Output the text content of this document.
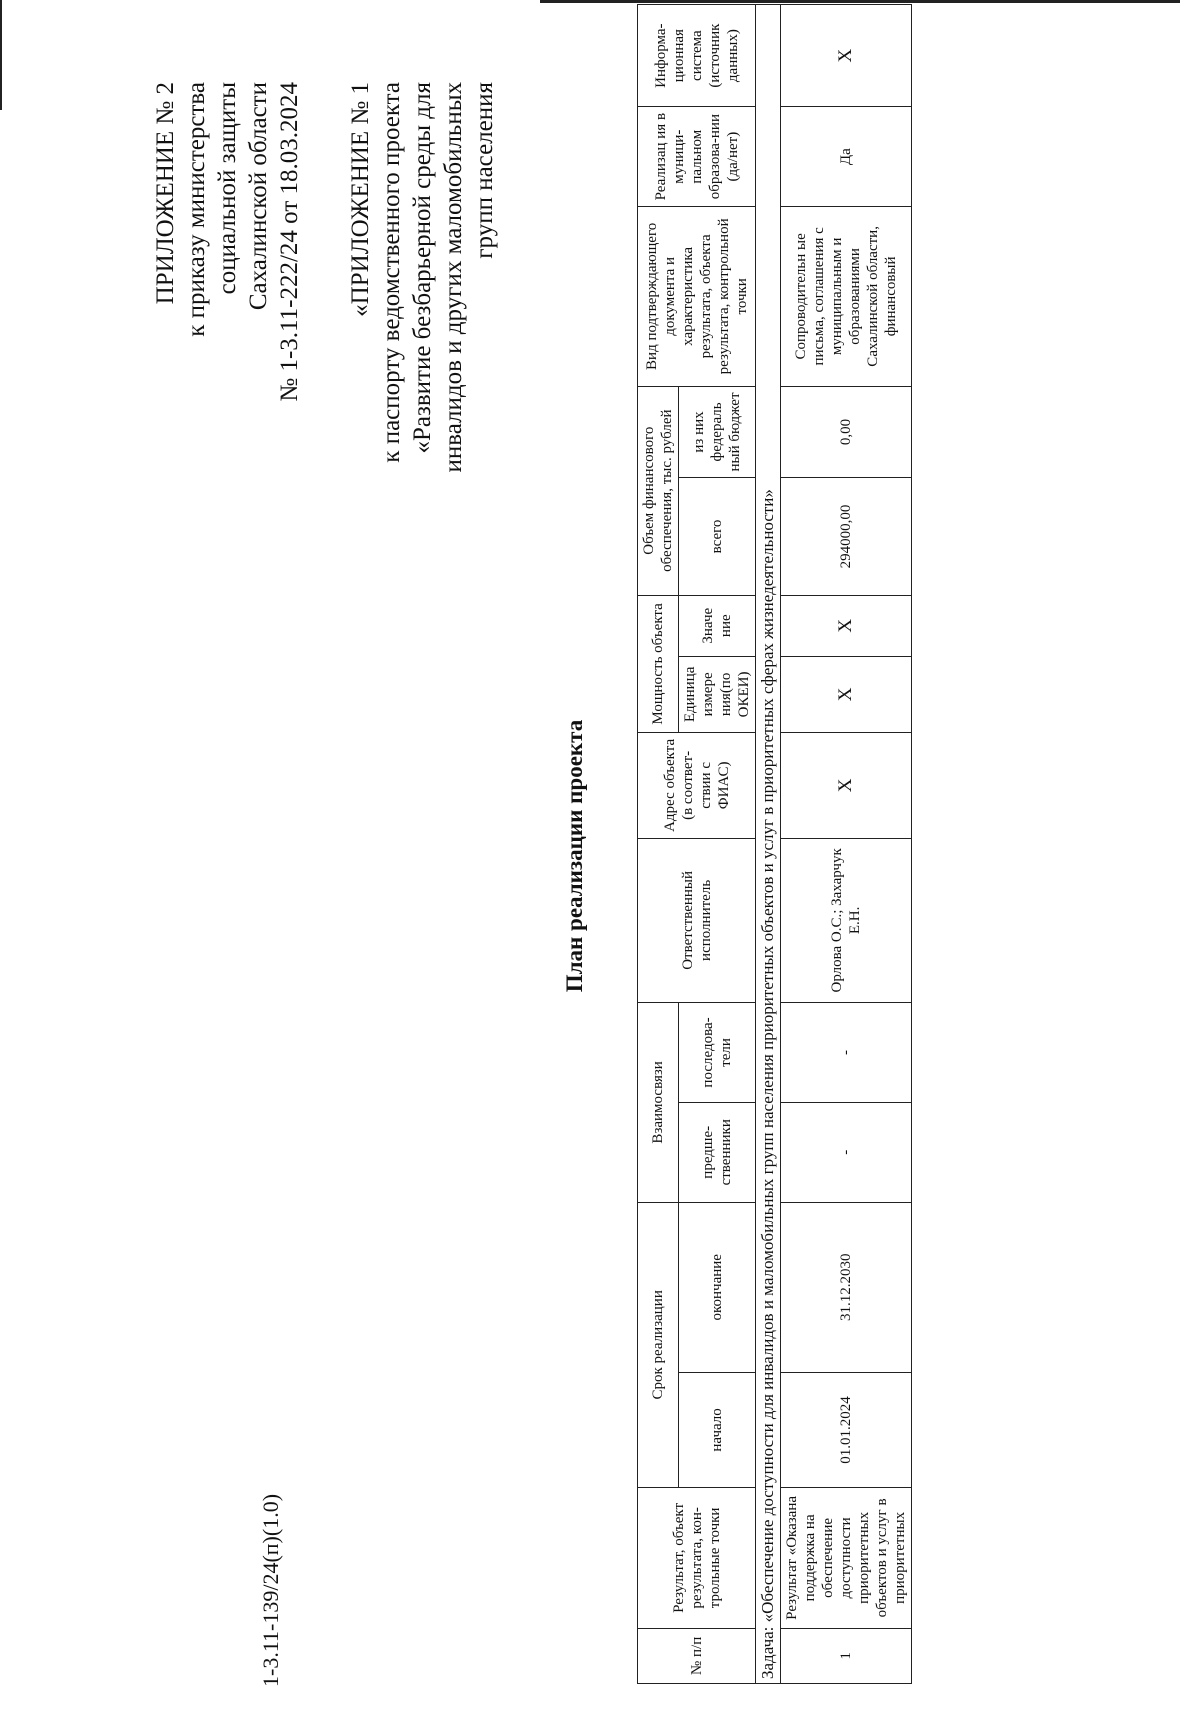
ПРИЛОЖЕНИЕ № 2 к приказу министерства социальной защиты Сахалинской области № 1-3.11-222/24 от 18.03.2024 «ПРИЛОЖЕНИЕ № 1 к паспорту ведомственного проекта «Развитие безбарьерной среды для инвалидов и других маломобильных групп населения
План реализации проекта
№ п/п	Результат, объект результата, кон-трольные точки	Срок реализации		Взаимосвязи		Ответственный исполнитель	Адрес объекта (в соответ-ствии с ФИАС)	Мощность объекта		Объем финансового обеспечения, тыс. рублей		Вид подтверждающего документа и характеристика результата, объекта результата, контрольной точки	Реализац ия в муници-пальном образова-нии (да/нет)	Информа-ционная система (источник данных)
		начало	окончание	предше-ственники	последова-тели			Единица измере ния(по ОКЕИ)	Значе ние	всего	из них федераль ный бюджет			
Задача: «Обеспечение доступности для инвалидов и маломобильных групп населения приоритетных объектов и услуг в приоритетных сферах жизнедеятельности»														
1	Результат «Оказана поддержка на обеспечение доступности приоритетных объектов и услуг в приоритетных	01.01.2024	31.12.2030	-	-	Орлова О.С.; Захарчук Е.Н.	Х	Х	Х	294000,00	0,00	Сопроводительн ые письма, соглашения с муниципальным и образованиями Сахалинской области, финансовый	Да	Х
1-3.11-139/24(п)(1.0)
